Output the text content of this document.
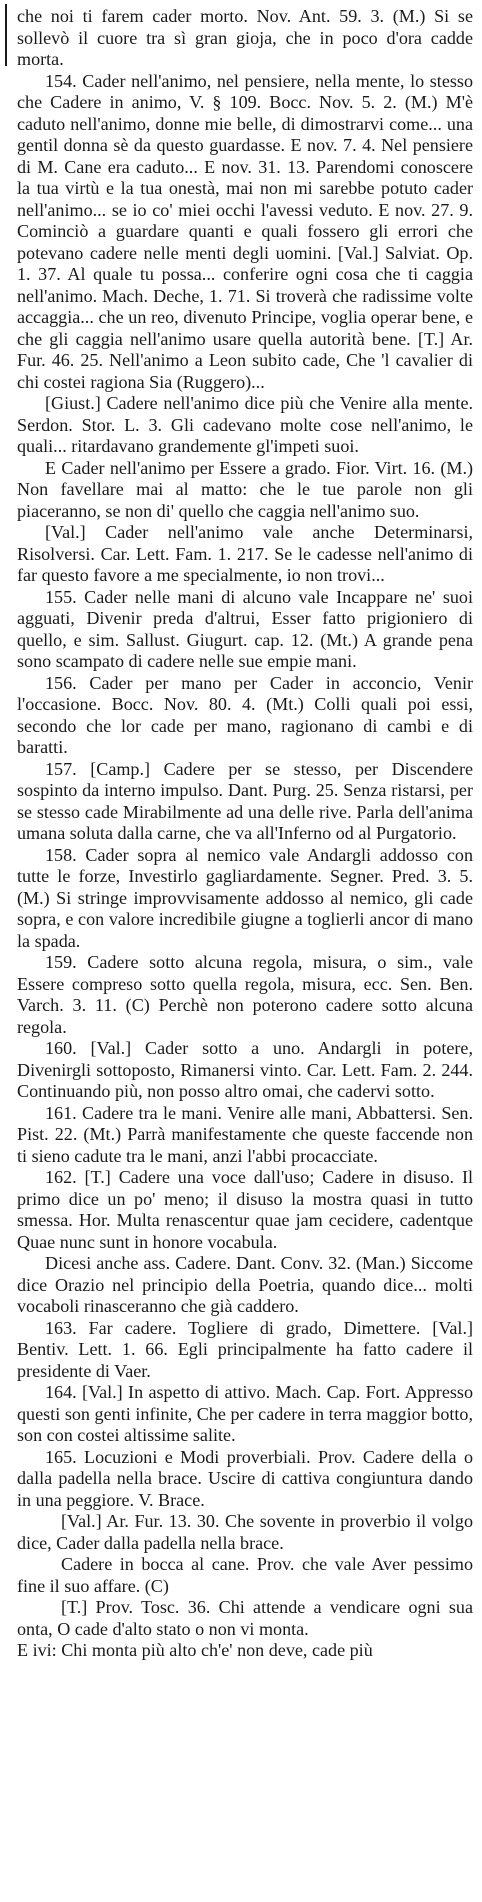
che noi ti farem cader morto. Nov. Ant. 59. 3. (M.) Si se sollevò il cuore tra sì gran gioja, che in poco d'ora cadde morta.

154. Cader nell'animo, nel pensiere, nella mente, lo stesso che Cadere in animo, V. § 109. Bocc. Nov. 5. 2. (M.) M'è caduto nell'animo, donne mie belle, di dimostrarvi come... una gentil donna sè da questo guardasse. E nov. 7. 4. Nel pensiere di M. Cane era caduto... E nov. 31. 13. Parendomi conoscere la tua virtù e la tua onestà, mai non mi sarebbe potuto cader nell'animo... se io co' miei occhi l'avessi veduto. E nov. 27. 9. Cominciò a guardare quanti e quali fossero gli errori che potevano cadere nelle menti degli uomini. [Val.] Salviat. Op. 1. 37. Al quale tu possa... conferire ogni cosa che ti caggia nell'animo. Mach. Deche, 1. 71. Si troverà che radissime volte accaggia... che un reo, divenuto Principe, voglia operar bene, e che gli caggia nell'animo usare quella autorità bene. [T.] Ar. Fur. 46. 25. Nell'animo a Leon subito cade, Che 'l cavalier di chi costei ragiona Sia (Ruggero)...

[Giust.] Cadere nell'animo dice più che Venire alla mente. Serdon. Stor. L. 3. Gli cadevano molte cose nell'animo, le quali... ritardavano grandemente gl'impeti suoi.

E Cader nell'animo per Essere a grado. Fior. Virt. 16. (M.) Non favellare mai al matto: che le tue parole non gli piaceranno, se non di' quello che caggia nell'animo suo.

[Val.] Cader nell'animo vale anche Determinarsi, Risolversi. Car. Lett. Fam. 1. 217. Se le cadesse nell'animo di far questo favore a me specialmente, io non trovi...

155. Cader nelle mani di alcuno vale Incappare ne' suoi agguati, Divenir preda d'altrui, Esser fatto prigioniero di quello, e sim. Sallust. Giugurt. cap. 12. (Mt.) A grande pena sono scampato di cadere nelle sue empie mani.

156. Cader per mano per Cader in acconcio, Venir l'occasione. Bocc. Nov. 80. 4. (Mt.) Colli quali poi essi, secondo che lor cade per mano, ragionano di cambi e di baratti.

157. [Camp.] Cadere per se stesso, per Discendere sospinto da interno impulso. Dant. Purg. 25. Senza ristarsi, per se stesso cade Mirabilmente ad una delle rive. Parla dell'anima umana soluta dalla carne, che va all'Inferno od al Purgatorio.

158. Cader sopra al nemico vale Andargli addosso con tutte le forze, Investirlo gagliardamente. Segner. Pred. 3. 5. (M.) Si stringe improvvisamente addosso al nemico, gli cade sopra, e con valore incredibile giugne a toglierli ancor di mano la spada.

159. Cadere sotto alcuna regola, misura, o sim., vale Essere compreso sotto quella regola, misura, ecc. Sen. Ben. Varch. 3. 11. (C) Perchè non poterono cadere sotto alcuna regola.

160. [Val.] Cader sotto a uno. Andargli in potere, Divenirgli sottoposto, Rimanersi vinto. Car. Lett. Fam. 2. 244. Continuando più, non posso altro omai, che cadervi sotto.

161. Cadere tra le mani. Venire alle mani, Abbattersi. Sen. Pist. 22. (Mt.) Parrà manifestamente che queste faccende non ti sieno cadute tra le mani, anzi l'abbi procacciate.

162. [T.] Cadere una voce dall'uso; Cadere in disuso. Il primo dice un po' meno; il disuso la mostra quasi in tutto smessa. Hor. Multa renascentur quae jam cecidere, cadentque Quae nunc sunt in honore vocabula.

Dicesi anche ass. Cadere. Dant. Conv. 32. (Man.) Siccome dice Orazio nel principio della Poetria, quando dice... molti vocaboli rinasceranno che già caddero.

163. Far cadere. Togliere di grado, Dimettere. [Val.] Bentiv. Lett. 1. 66. Egli principalmente ha fatto cadere il presidente di Vaer.

164. [Val.] In aspetto di attivo. Mach. Cap. Fort. Appresso questi son genti infinite, Che per cadere in terra maggior botto, son con costei altissime salite.

165. Locuzioni e Modi proverbiali. Prov. Cadere della o dalla padella nella brace. Uscire di cattiva congiuntura dando in una peggiore. V. Brace.

[Val.] Ar. Fur. 13. 30. Che sovente in proverbio il volgo dice, Cader dalla padella nella brace.

Cadere in bocca al cane. Prov. che vale Aver pessimo fine il suo affare. (C)

[T.] Prov. Tosc. 36. Chi attende a vendicare ogni sua onta, O cade d'alto stato o non vi monta.

E ivi: Chi monta più alto ch'e' non deve, cade più
